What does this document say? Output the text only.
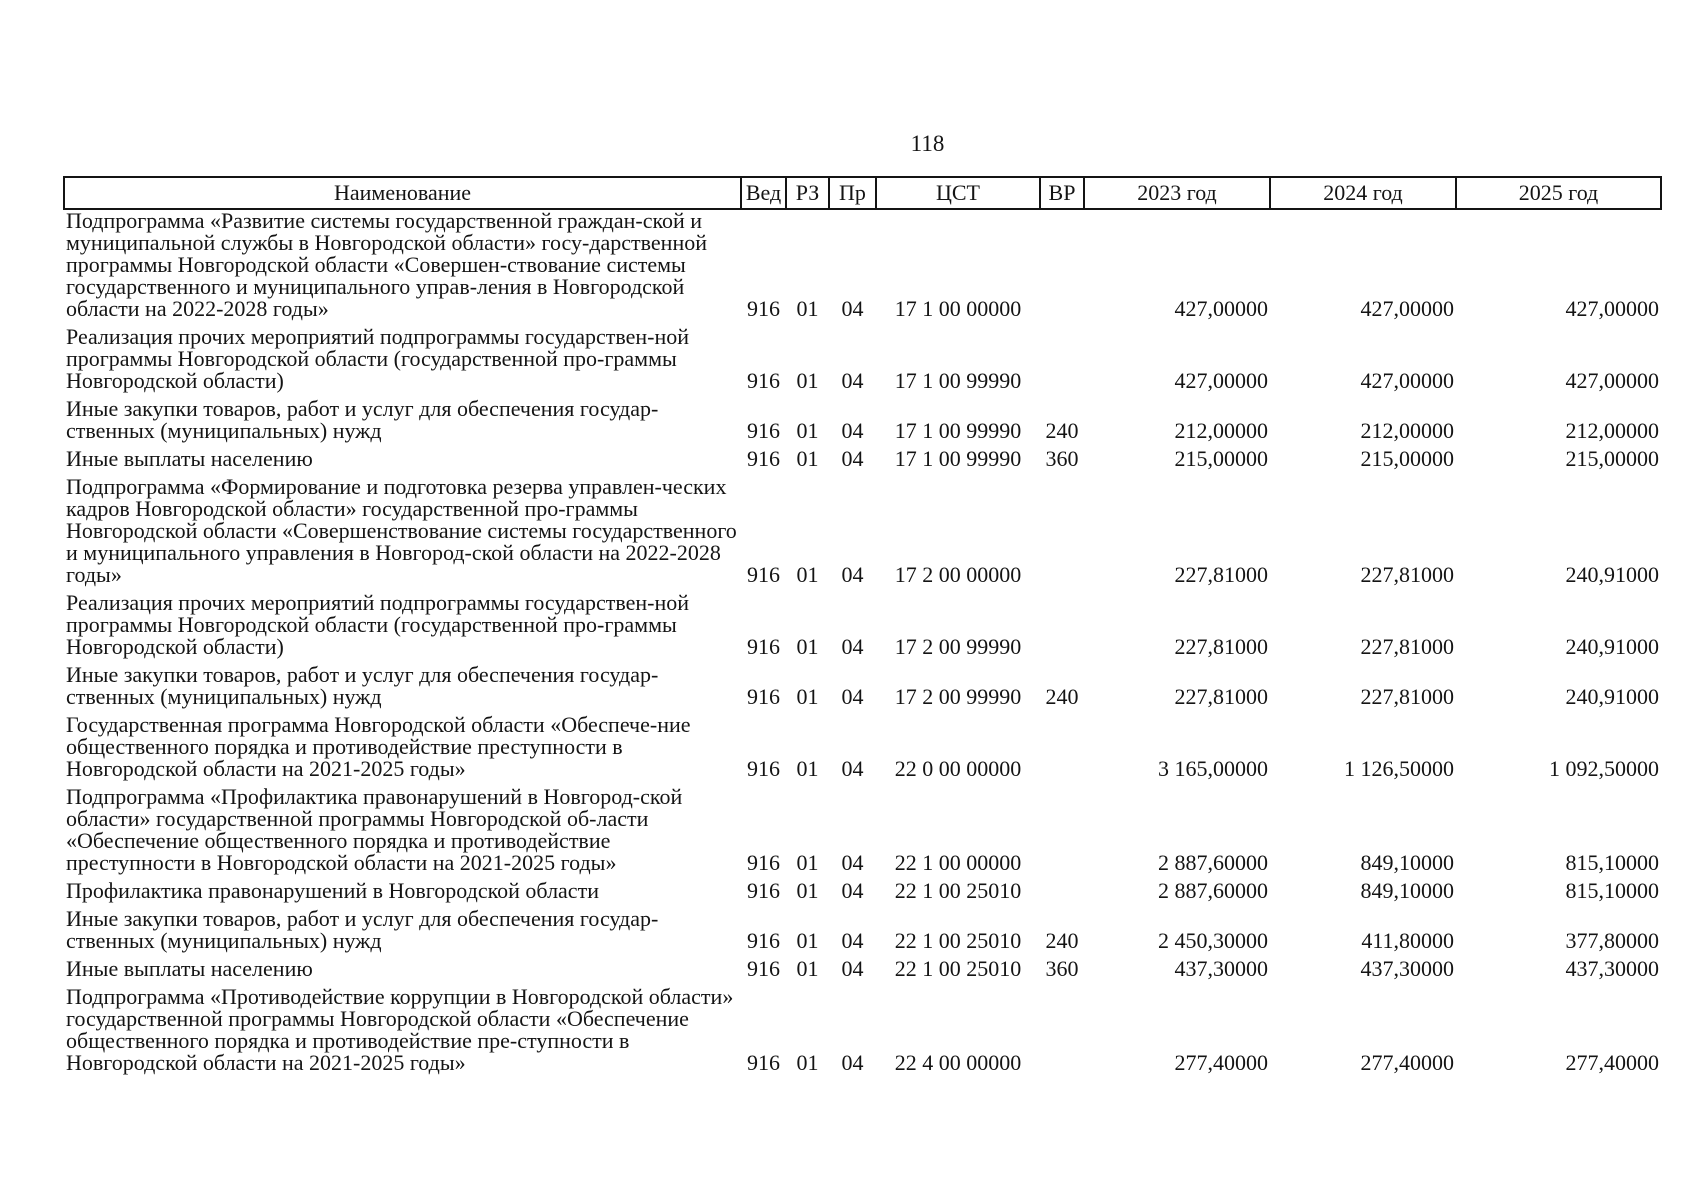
118
Наименование	Вед	РЗ	Пр	ЦСТ	ВР	2023 год	2024 год	2025 год
Подпрограмма «Развитие системы государственной граждан-ской и муниципальной службы в Новгородской области» госу-дарственной программы Новгородской области «Совершен-ствование системы государственного и муниципального управ-ления в Новгородской области на 2022-2028 годы»	916	01	04	17 1 00 00000		427,00000	427,00000	427,00000
Реализация прочих мероприятий подпрограммы государствен-ной программы Новгородской области (государственной про-граммы Новгородской области)	916	01	04	17 1 00 99990		427,00000	427,00000	427,00000
Иные закупки товаров, работ и услуг для обеспечения государ-ственных (муниципальных) нужд	916	01	04	17 1 00 99990	240	212,00000	212,00000	212,00000
Иные выплаты населению	916	01	04	17 1 00 99990	360	215,00000	215,00000	215,00000
Подпрограмма «Формирование и подготовка резерва управлен-ческих кадров Новгородской области» государственной про-граммы Новгородской области «Совершенствование системы государственного и муниципального управления в Новгород-ской области на 2022-2028 годы»	916	01	04	17 2 00 00000		227,81000	227,81000	240,91000
Реализация прочих мероприятий подпрограммы государствен-ной программы Новгородской области (государственной про-граммы Новгородской области)	916	01	04	17 2 00 99990		227,81000	227,81000	240,91000
Иные закупки товаров, работ и услуг для обеспечения государ-ственных (муниципальных) нужд	916	01	04	17 2 00 99990	240	227,81000	227,81000	240,91000
Государственная программа Новгородской области «Обеспече-ние общественного порядка и противодействие преступности в Новгородской области на 2021-2025 годы»	916	01	04	22 0 00 00000		3 165,00000	1 126,50000	1 092,50000
Подпрограмма «Профилактика правонарушений в Новгород-ской области» государственной программы Новгородской об-ласти «Обеспечение общественного порядка и противодействие преступности в Новгородской области на 2021-2025 годы»	916	01	04	22 1 00 00000		2 887,60000	849,10000	815,10000
Профилактика правонарушений в Новгородской области	916	01	04	22 1 00 25010		2 887,60000	849,10000	815,10000
Иные закупки товаров, работ и услуг для обеспечения государ-ственных (муниципальных) нужд	916	01	04	22 1 00 25010	240	2 450,30000	411,80000	377,80000
Иные выплаты населению	916	01	04	22 1 00 25010	360	437,30000	437,30000	437,30000
Подпрограмма «Противодействие коррупции в Новгородской области» государственной программы Новгородской области «Обеспечение общественного порядка и противодействие пре-ступности в Новгородской области на 2021-2025 годы»	916	01	04	22 4 00 00000		277,40000	277,40000	277,40000
